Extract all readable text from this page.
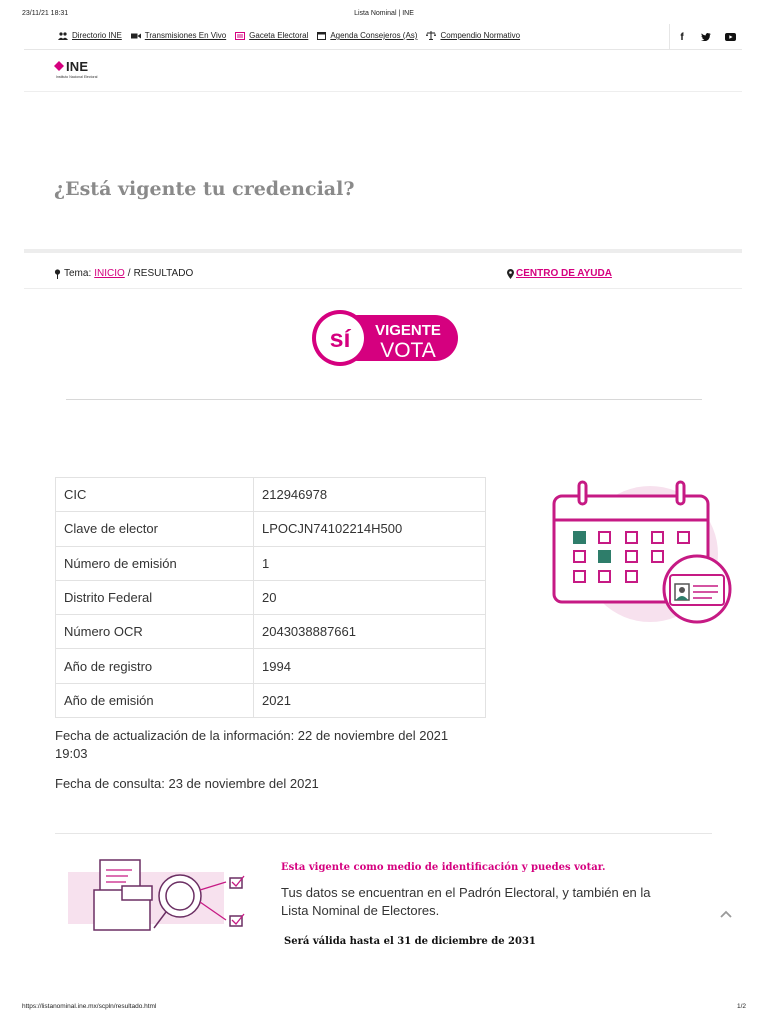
23/11/21 18:31	Lista Nominal | INE
Directorio INE	Transmisiones En Vivo	Gaceta Electoral	Agenda Consejeros (As)	Compendio Normativo	f
INE
Instituto Nacional Electoral
¿Está vigente tu credencial?
Tema: INICIO / RESULTADO	CENTRO DE AYUDA
sí VIGENTE
VOTA
CIC	212946978
Clave de elector	LPOCJN74102214H500
Número de emisión	1
Distrito Federal	20
Número OCR	2043038887661
Año de registro	1994
Año de emisión	2021

Fecha de actualización de la información: 22 de noviembre del 2021 19:03

Fecha de consulta: 23 de noviembre del 2021

Esta vigente como medio de identificación y puedes votar.

Tus datos se encuentran en el Padrón Electoral, y también en la Lista Nominal de Electores.

Será válida hasta el 31 de diciembre de 2031

https://listanominal.ine.mx/scpln/resultado.html	1/2
